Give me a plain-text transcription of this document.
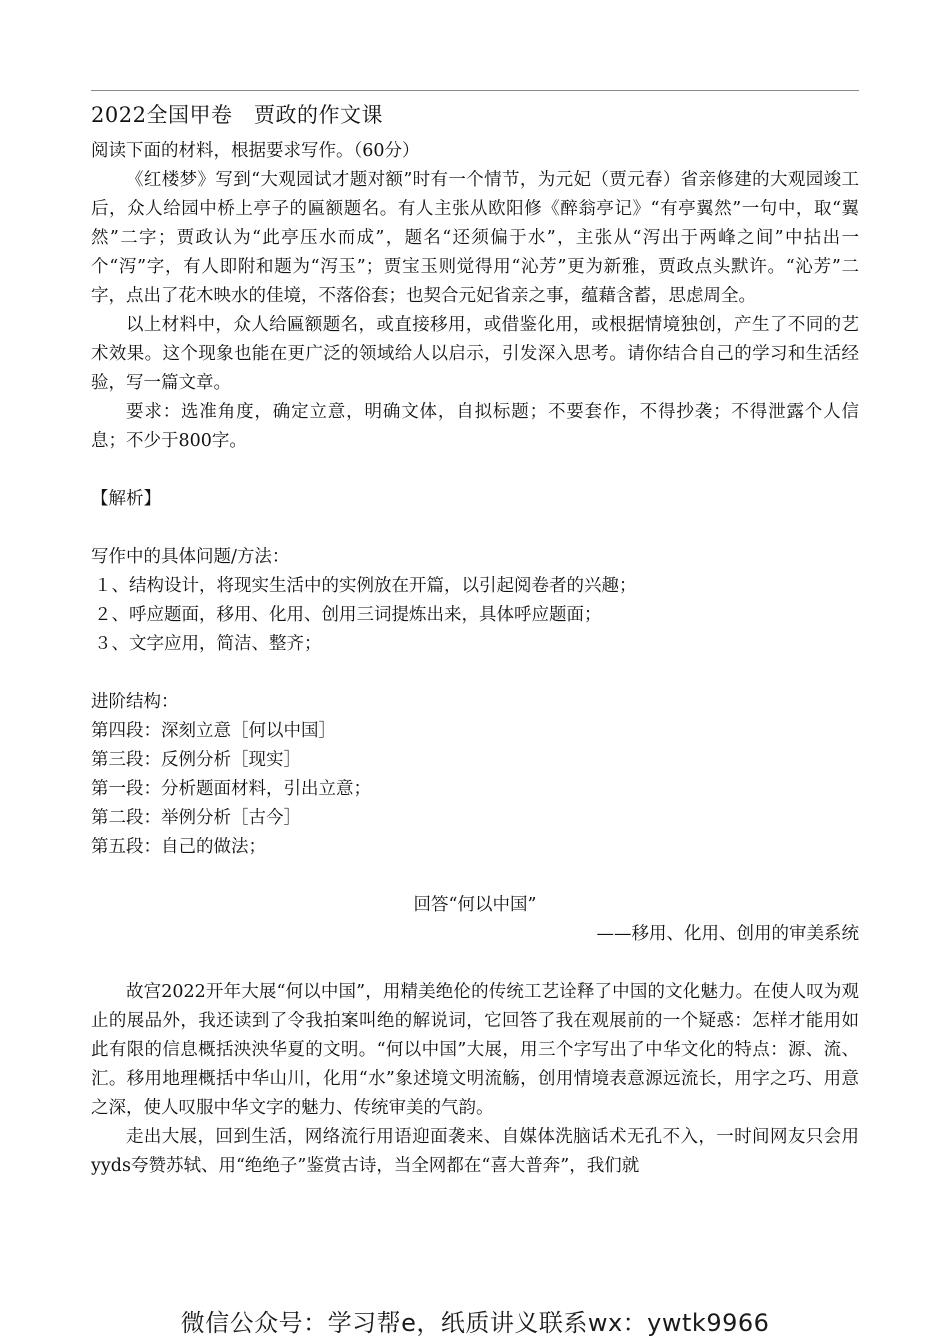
2022全国甲卷　贾政的作文课

阅读下面的材料，根据要求写作。（60分）

《红楼梦》写到“大观园试才题对额”时有一个情节，为元妃（贾元春）省亲修建的大观园竣工后，众人给园中桥上亭子的匾额题名。有人主张从欧阳修《醉翁亭记》“有亭翼然”一句中，取“翼然”二字；贾政认为“此亭压水而成”，题名“还须偏于水”，主张从“泻出于两峰之间”中拈出一个“泻”字，有人即附和题为“泻玉”；贾宝玉则觉得用“沁芳”更为新雅，贾政点头默许。“沁芳”二字，点出了花木映水的佳境，不落俗套；也契合元妃省亲之事，蕴藉含蓄，思虑周全。

以上材料中，众人给匾额题名，或直接移用，或借鉴化用，或根据情境独创，产生了不同的艺术效果。这个现象也能在更广泛的领域给人以启示，引发深入思考。请你结合自己的学习和生活经验，写一篇文章。

要求：选准角度，确定立意，明确文体，自拟标题；不要套作，不得抄袭；不得泄露个人信息；不少于800字。

【解析】

写作中的具体问题/方法：

１、结构设计，将现实生活中的实例放在开篇，以引起阅卷者的兴趣；

２、呼应题面，移用、化用、创用三词提炼出来，具体呼应题面；

３、文字应用，简洁、整齐；

进阶结构：

第四段：深刻立意［何以中国］

第三段：反例分析［现实］

第一段：分析题面材料，引出立意；

第二段：举例分析［古今］

第五段：自己的做法；

回答“何以中国”

——移用、化用、创用的审美系统

故宫2022开年大展“何以中国”，用精美绝伦的传统工艺诠释了中国的文化魅力。在使人叹为观止的展品外，我还读到了令我拍案叫绝的解说词，它回答了我在观展前的一个疑惑：怎样才能用如此有限的信息概括泱泱华夏的文明。“何以中国”大展，用三个字写出了中华文化的特点：源、流、汇。移用地理概括中华山川，化用“水”象述境文明流觞，创用情境表意源远流长，用字之巧、用意之深，使人叹服中华文字的魅力、传统审美的气韵。

走出大展，回到生活，网络流行用语迎面袭来、自媒体洗脑话术无孔不入，一时间网友只会用yyds夸赞苏轼、用“绝绝子”鉴赏古诗，当全网都在“喜大普奔”，我们就

微信公众号：学习帮e，纸质讲义联系wx：ywtk9966
